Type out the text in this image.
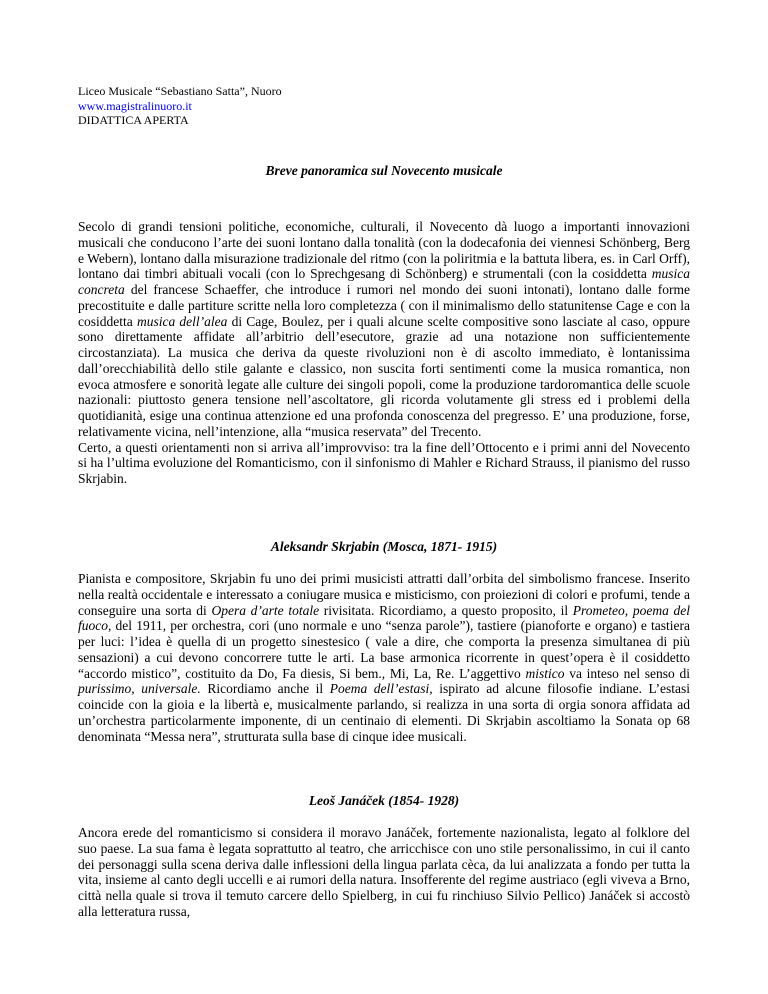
Liceo Musicale “Sebastiano Satta”, Nuoro
www.magistralinuoro.it
DIDATTICA APERTA
Breve panoramica sul Novecento musicale

Secolo di grandi tensioni politiche, economiche, culturali, il Novecento dà luogo a importanti innovazioni musicali che conducono l’arte dei suoni lontano dalla tonalità (con la dodecafonia dei viennesi Schönberg, Berg e Webern), lontano dalla misurazione tradizionale del ritmo (con la poliritmia e la battuta libera, es. in Carl Orff), lontano dai timbri abituali vocali (con lo Sprechgesang di Schönberg) e strumentali (con la cosiddetta musica concreta del francese Schaeffer, che introduce i rumori nel mondo dei suoni intonati), lontano dalle forme precostituite e dalle partiture scritte nella loro completezza ( con il minimalismo dello statunitense Cage e con la cosiddetta musica dell’alea di Cage, Boulez, per i quali alcune scelte compositive sono lasciate al caso, oppure sono direttamente affidate all’arbitrio dell’esecutore, grazie ad una notazione non sufficientemente circostanziata). La musica che deriva da queste rivoluzioni non è di ascolto immediato, è lontanissima dall’orecchiabilità dello stile galante e classico, non suscita forti sentimenti come la musica romantica, non evoca atmosfere e sonorità legate alle culture dei singoli popoli, come la produzione tardoromantica delle scuole nazionali: piuttosto genera tensione nell’ascoltatore, gli ricorda volutamente gli stress ed i problemi della quotidianità, esige una continua attenzione ed una profonda conoscenza del pregresso. E’ una produzione, forse, relativamente vicina, nell’intenzione, alla “musica reservata” del Trecento.

Certo, a questi orientamenti non si arriva all’improvviso: tra la fine dell’Ottocento e i primi anni del Novecento si ha l’ultima evoluzione del Romanticismo, con il sinfonismo di Mahler e Richard Strauss, il pianismo del russo Skrjabin.

Aleksandr Skrjabin (Mosca, 1871- 1915)

Pianista e compositore, Skrjabin fu uno dei primi musicisti attratti dall’orbita del simbolismo francese. Inserito nella realtà occidentale e interessato a coniugare musica e misticismo, con proiezioni di colori e profumi, tende a conseguire una sorta di Opera d’arte totale rivisitata. Ricordiamo, a questo proposito, il Prometeo, poema del fuoco, del 1911, per orchestra, cori (uno normale e uno “senza parole”), tastiere (pianoforte e organo) e tastiera per luci: l’idea è quella di un progetto sinestesico ( vale a dire, che comporta la presenza simultanea di più sensazioni) a cui devono concorrere tutte le arti. La base armonica ricorrente in quest’opera è il cosiddetto “accordo mistico”, costituito da Do, Fa diesis, Si bem., Mi, La, Re. L’aggettivo mistico va inteso nel senso di purissimo, universale. Ricordiamo anche il Poema dell’estasi, ispirato ad alcune filosofie indiane. L’estasi coincide con la gioia e la libertà e, musicalmente parlando, si realizza in una sorta di orgia sonora affidata ad un’orchestra particolarmente imponente, di un centinaio di elementi. Di Skrjabin ascoltiamo la Sonata op 68 denominata “Messa nera”, strutturata sulla base di cinque idee musicali.

Leoš Janáček (1854- 1928)
Ancora erede del romanticismo si considera il moravo Janáček, fortemente nazionalista, legato al folklore del suo paese. La sua fama è legata soprattutto al teatro, che arricchisce con uno stile personalissimo, in cui il canto dei personaggi sulla scena deriva dalle inflessioni della lingua parlata cèca, da lui analizzata a fondo per tutta la vita, insieme al canto degli uccelli e ai rumori della natura. Insofferente del regime austriaco (egli viveva a Brno, città nella quale si trova il temuto carcere dello Spielberg, in cui fu rinchiuso Silvio Pellico) Janáček si accostò alla letteratura russa,
